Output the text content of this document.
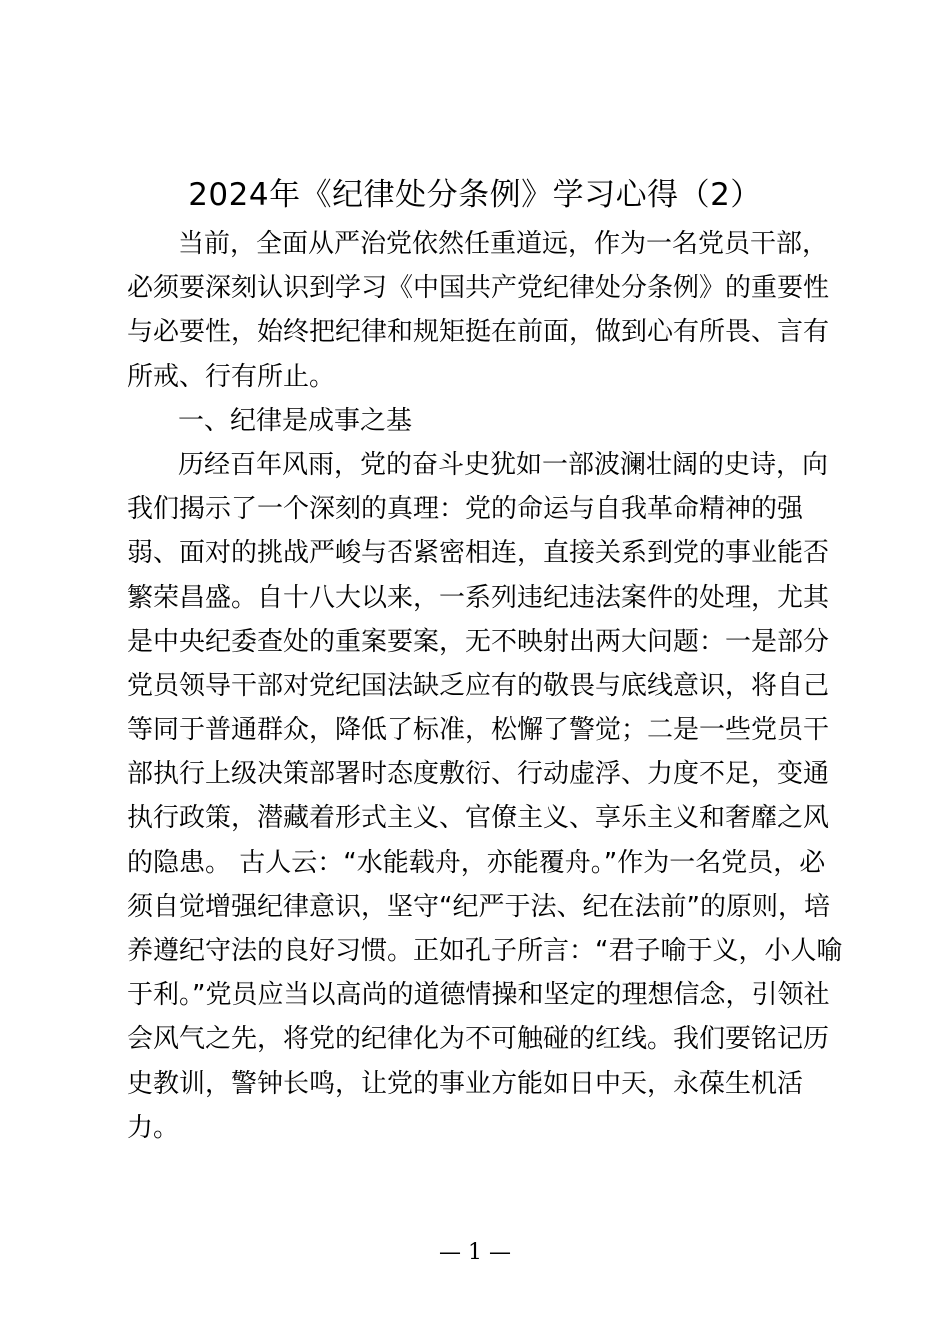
2024年《纪律处分条例》学习心得（2）
当前，全面从严治党依然任重道远，作为一名党员干部，
必须要深刻认识到学习《中国共产党纪律处分条例》的重要性
与必要性，始终把纪律和规矩挺在前面，做到心有所畏、言有
所戒、行有所止。
一、纪律是成事之基
历经百年风雨，党的奋斗史犹如一部波澜壮阔的史诗，向
我们揭示了一个深刻的真理：党的命运与自我革命精神的强
弱、面对的挑战严峻与否紧密相连，直接关系到党的事业能否
繁荣昌盛。自十八大以来，一系列违纪违法案件的处理，尤其
是中央纪委查处的重案要案，无不映射出两大问题：一是部分
党员领导干部对党纪国法缺乏应有的敬畏与底线意识，将自己
等同于普通群众，降低了标准，松懈了警觉；二是一些党员干
部执行上级决策部署时态度敷衍、行动虚浮、力度不足，变通
执行政策，潜藏着形式主义、官僚主义、享乐主义和奢靡之风
的隐患。 古人云：“水能载舟，亦能覆舟。”作为一名党员，必
须自觉增强纪律意识，坚守“纪严于法、纪在法前”的原则，培
养遵纪守法的良好习惯。正如孔子所言：“君子喻于义，小人喻
于利。”党员应当以高尚的道德情操和坚定的理想信念，引领社
会风气之先，将党的纪律化为不可触碰的红线。我们要铭记历
史教训，警钟长鸣，让党的事业方能如日中天，永葆生机活
力。
— 1 —
